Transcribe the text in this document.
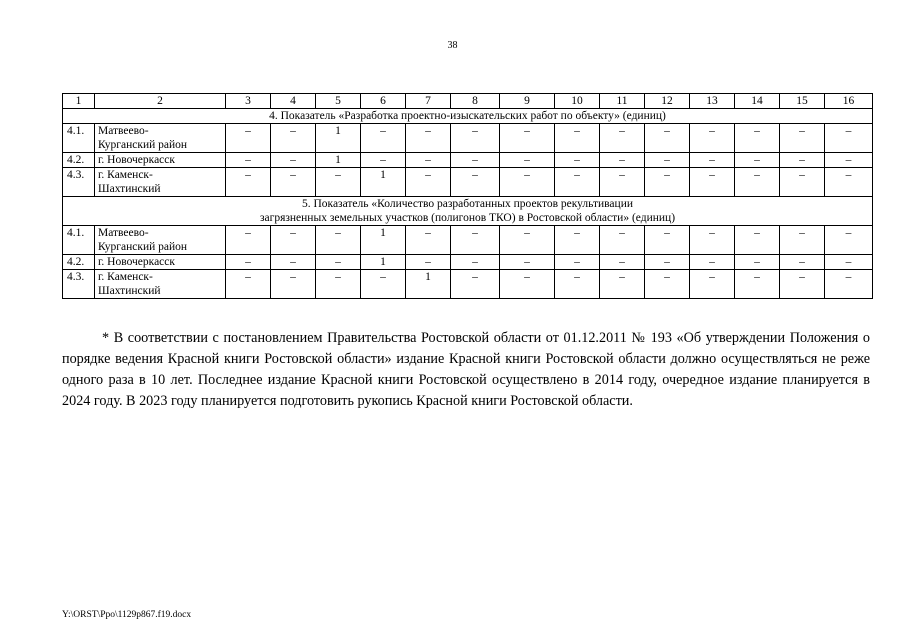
38
1	2	3	4	5	6	7	8	9	10	11	12	13	14	15	16

4. Показатель «Разработка проектно-изыскательских работ по объекту» (единиц)															

4.1.	Матвеево-
Курганский район	–	–	1	–	–	–	–	–	–	–	–	–	–	–
4.2.	г. Новочеркасск	–	–	1	–	–	–	–	–	–	–	–	–	–	–
4.3.	г. Каменск-
Шахтинский	–	–	–	1	–	–	–	–	–	–	–	–	–	–

5. Показатель «Количество разработанных проектов рекультивации
загрязненных земельных участков (полигонов ТКО) в Ростовской области» (единиц)															

4.1.	Матвеево-
Курганский район	–	–	–	1	–	–	–	–	–	–	–	–	–	–
4.2.	г. Новочеркасск	–	–	–	1	–	–	–	–	–	–	–	–	–	–
4.3.	г. Каменск-
Шахтинский	–	–	–	–	1	–	–	–	–	–	–	–	–	–

* В соответствии с постановлением Правительства Ростовской области от 01.12.2011 № 193 «Об утверждении Положения о порядке ведения Красной книги Ростовской области» издание Красной книги Ростовской области должно осуществляться не реже одного раза в 10 лет. Последнее издание Красной книги Ростовской осуществлено в 2014 году, очередное издание планируется в 2024 году. В 2023 году планируется подготовить рукопись Красной книги Ростовской области.

Y:\ORST\Ppo\1129p867.f19.docx
